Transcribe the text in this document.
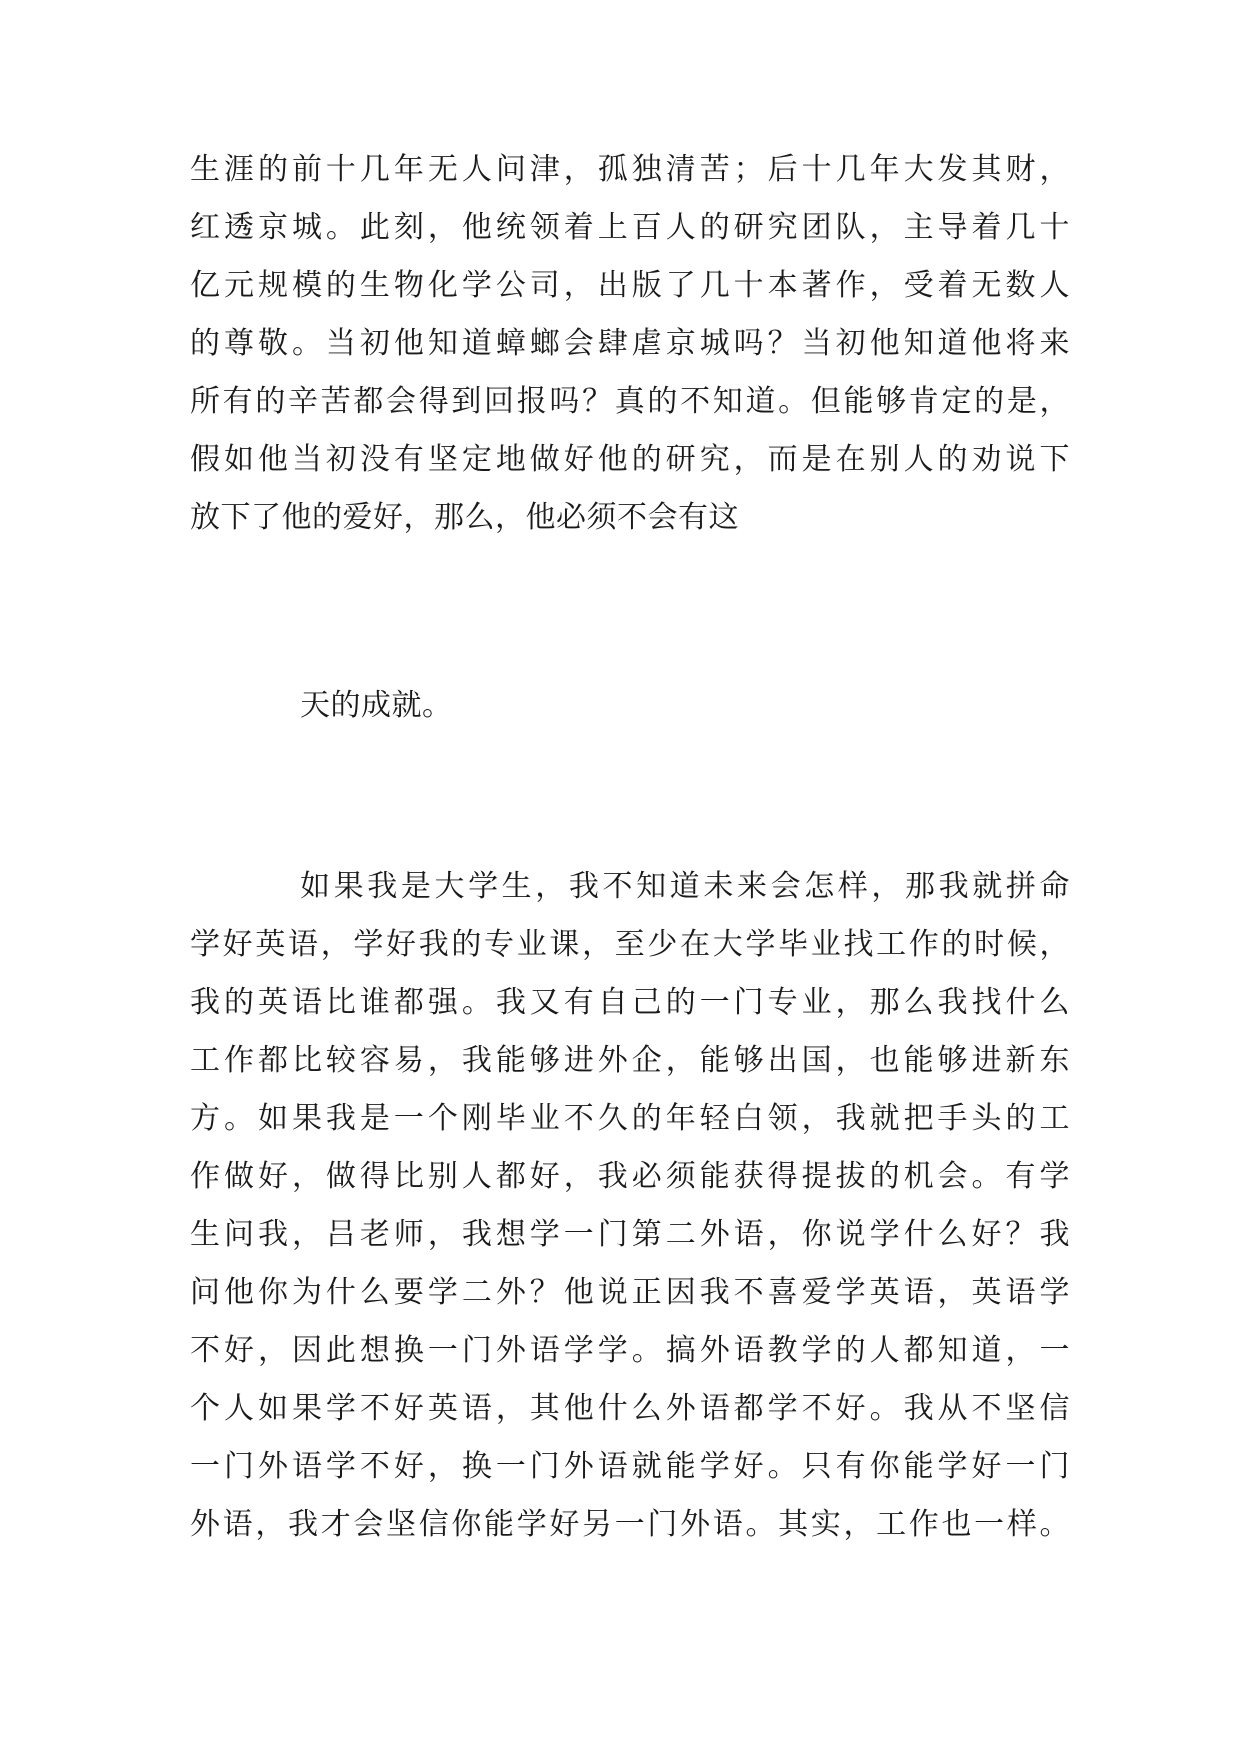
生涯的前十几年无人问津，孤独清苦；后十几年大发其财，
红透京城。此刻，他统领着上百人的研究团队，主导着几十
亿元规模的生物化学公司，出版了几十本著作，受着无数人
的尊敬。当初他知道蟑螂会肆虐京城吗？当初他知道他将来
所有的辛苦都会得到回报吗？真的不知道。但能够肯定的是，
假如他当初没有坚定地做好他的研究，而是在别人的劝说下
放下了他的爱好，那么，他必须不会有这
天的成就。
如果我是大学生，我不知道未来会怎样，那我就拼命
学好英语，学好我的专业课，至少在大学毕业找工作的时候，
我的英语比谁都强。我又有自己的一门专业，那么我找什么
工作都比较容易，我能够进外企，能够出国，也能够进新东
方。如果我是一个刚毕业不久的年轻白领，我就把手头的工
作做好，做得比别人都好，我必须能获得提拔的机会。有学
生问我，吕老师，我想学一门第二外语，你说学什么好？我
问他你为什么要学二外？他说正因我不喜爱学英语，英语学
不好，因此想换一门外语学学。搞外语教学的人都知道，一
个人如果学不好英语，其他什么外语都学不好。我从不坚信
一门外语学不好，换一门外语就能学好。只有你能学好一门
外语，我才会坚信你能学好另一门外语。其实，工作也一样。
